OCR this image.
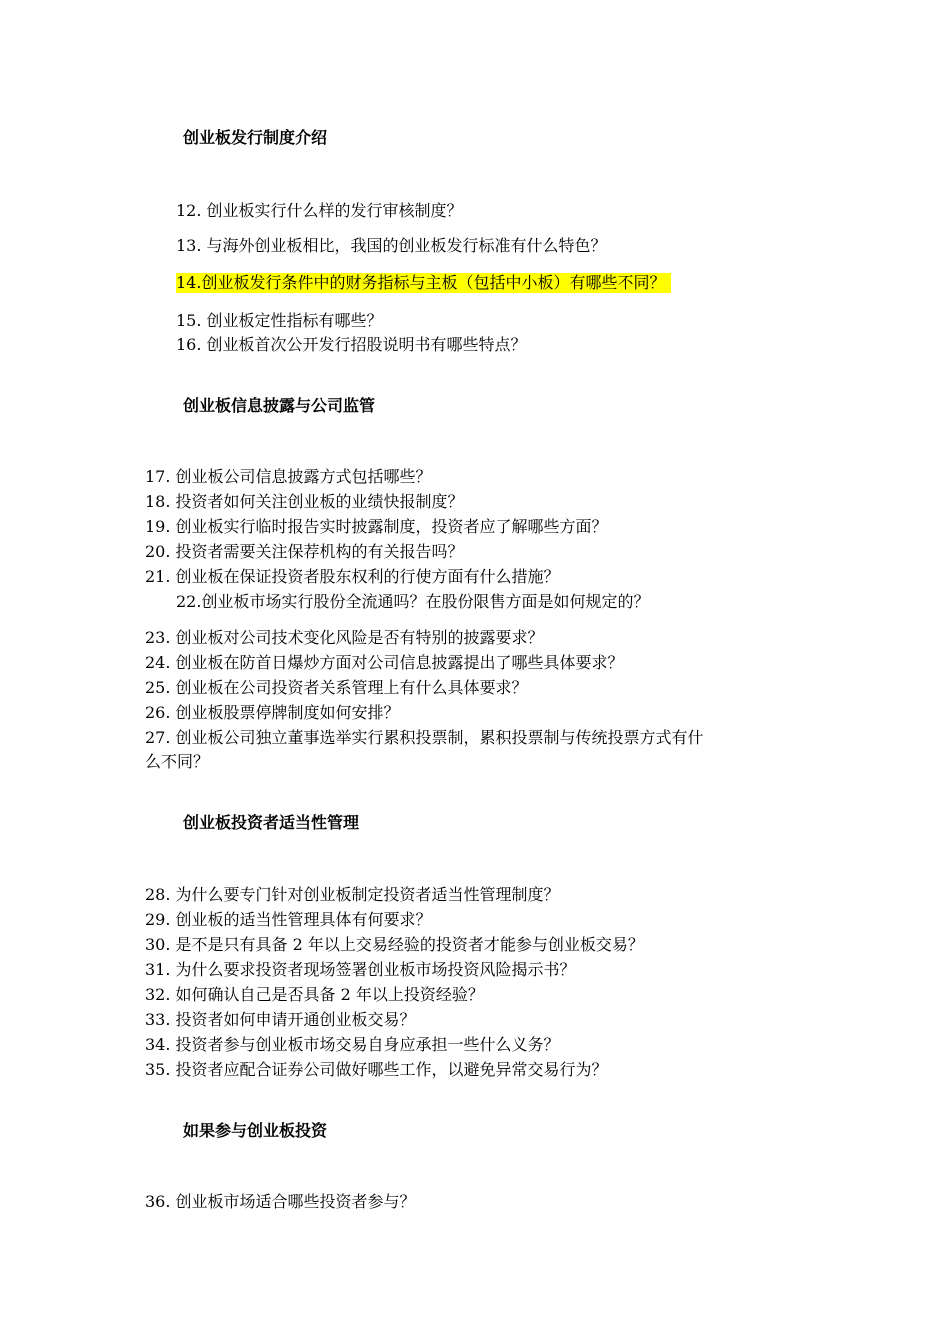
创业板发行制度介绍
12. 创业板实行什么样的发行审核制度？
13. 与海外创业板相比，我国的创业板发行标准有什么特色？
14.创业板发行条件中的财务指标与主板（包括中小板）有哪些不同？
15. 创业板定性指标有哪些？
16. 创业板首次公开发行招股说明书有哪些特点？
创业板信息披露与公司监管
17. 创业板公司信息披露方式包括哪些？
18. 投资者如何关注创业板的业绩快报制度？
19. 创业板实行临时报告实时披露制度，投资者应了解哪些方面？
20. 投资者需要关注保荐机构的有关报告吗？
21. 创业板在保证投资者股东权利的行使方面有什么措施？
22.创业板市场实行股份全流通吗？在股份限售方面是如何规定的？
23. 创业板对公司技术变化风险是否有特别的披露要求？
24. 创业板在防首日爆炒方面对公司信息披露提出了哪些具体要求？
25. 创业板在公司投资者关系管理上有什么具体要求？
26. 创业板股票停牌制度如何安排？
27. 创业板公司独立董事选举实行累积投票制，累积投票制与传统投票方式有什
么不同？
创业板投资者适当性管理
28. 为什么要专门针对创业板制定投资者适当性管理制度？
29. 创业板的适当性管理具体有何要求？
30. 是不是只有具备 2 年以上交易经验的投资者才能参与创业板交易？
31. 为什么要求投资者现场签署创业板市场投资风险揭示书？
32. 如何确认自己是否具备 2 年以上投资经验？
33. 投资者如何申请开通创业板交易？
34. 投资者参与创业板市场交易自身应承担一些什么义务？
35. 投资者应配合证券公司做好哪些工作，以避免异常交易行为？
如果参与创业板投资
36. 创业板市场适合哪些投资者参与？
